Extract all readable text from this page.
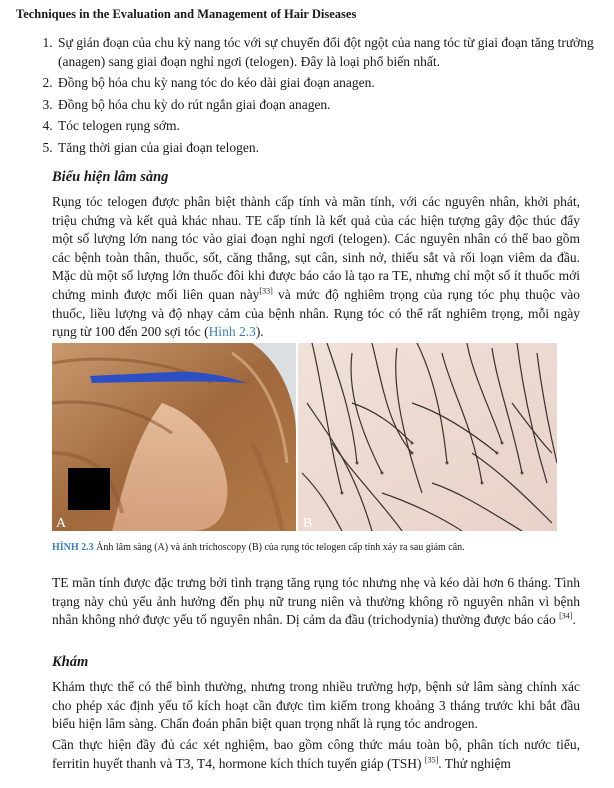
Techniques in the Evaluation and Management of Hair Diseases
1. Sự gián đoạn của chu kỳ nang tóc với sự chuyển đổi đột ngột của nang tóc từ giai đoạn tăng trưởng (anagen) sang giai đoạn nghỉ ngơi (telogen). Đây là loại phổ biến nhất.
2. Đồng bộ hóa chu kỳ nang tóc do kéo dài giai đoạn anagen.
3. Đồng bộ hóa chu kỳ do rút ngắn giai đoạn anagen.
4. Tóc telogen rụng sớm.
5. Tăng thời gian của giai đoạn telogen.
Biểu hiện lâm sàng

Rụng tóc telogen được phân biệt thành cấp tính và mãn tính, với các nguyên nhân, khởi phát, triệu chứng và kết quả khác nhau. TE cấp tính là kết quả của các hiện tượng gây độc thúc đẩy một số lượng lớn nang tóc vào giai đoạn nghỉ ngơi (telogen). Các nguyên nhân có thể bao gồm các bệnh toàn thân, thuốc, sốt, căng thẳng, sụt cân, sinh nở, thiếu sắt và rối loạn viêm da đầu. Mặc dù một số lượng lớn thuốc đôi khi được báo cáo là tạo ra TE, nhưng chỉ một số ít thuốc mới chứng minh được mối liên quan này[33] và mức độ nghiêm trọng của rụng tóc phụ thuộc vào thuốc, liều lượng và độ nhạy cảm của bệnh nhân. Rụng tóc có thể rất nghiêm trọng, mỗi ngày rụng từ 100 đến 200 sợi tóc (Hình 2.3).

A	B
HÌNH 2.3 Ảnh lâm sàng (A) và ảnh trichoscopy (B) của rụng tóc telogen cấp tính xảy ra sau giảm cân.

TE mãn tính được đặc trưng bởi tình trạng tăng rụng tóc nhưng nhẹ và kéo dài hơn 6 tháng. Tình trạng này chủ yếu ảnh hưởng đến phụ nữ trung niên và thường không rõ nguyên nhân vì bệnh nhân không nhớ được yếu tố nguyên nhân. Dị cảm da đầu (trichodynia) thường được báo cáo [34].

Khám

Khám thực thể có thể bình thường, nhưng trong nhiều trường hợp, bệnh sử lâm sàng chính xác cho phép xác định yếu tố kích hoạt cần được tìm kiếm trong khoảng 3 tháng trước khi bắt đầu biểu hiện lâm sàng. Chẩn đoán phân biệt quan trọng nhất là rụng tóc androgen.

Cần thực hiện đầy đủ các xét nghiệm, bao gồm công thức máu toàn bộ, phân tích nước tiểu, ferritin huyết thanh và T3, T4, hormone kích thích tuyến giáp (TSH) [35]. Thử nghiệm
